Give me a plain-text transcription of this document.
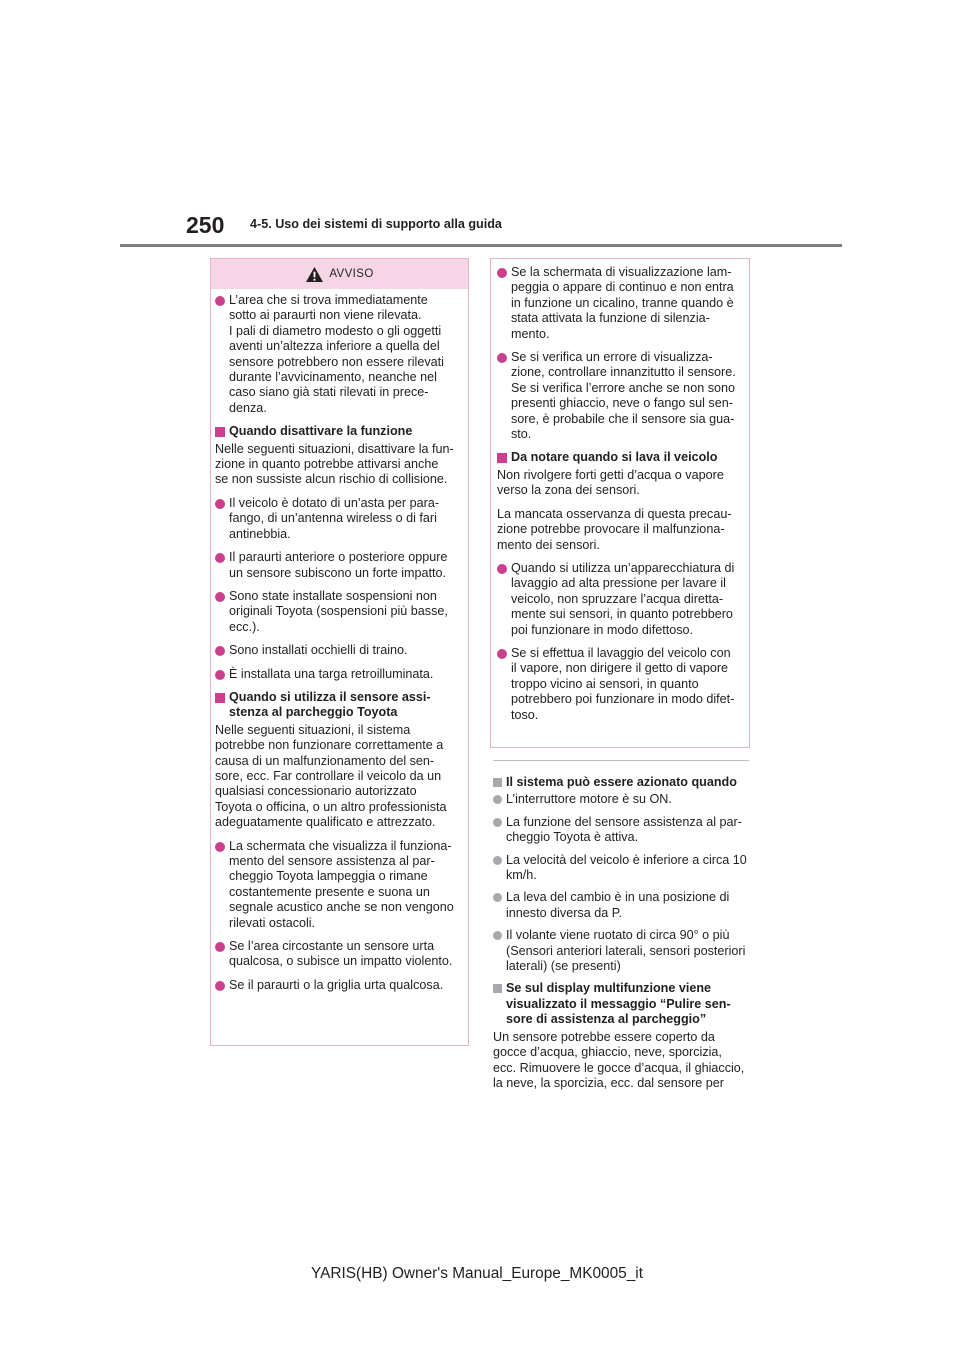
250 4-5. Uso dei sistemi di supporto alla guida
AVVISO
L’area che si trova immediatamente
sotto ai paraurti non viene rilevata.
I pali di diametro modesto o gli oggetti
aventi un’altezza inferiore a quella del
sensore potrebbero non essere rilevati
durante l’avvicinamento, neanche nel
caso siano già stati rilevati in prece-
denza.
Quando disattivare la funzione
Nelle seguenti situazioni, disattivare la fun-
zione in quanto potrebbe attivarsi anche
se non sussiste alcun rischio di collisione.
Il veicolo è dotato di un’asta per para-
fango, di un’antenna wireless o di fari
antinebbia.
Il paraurti anteriore o posteriore oppure
un sensore subiscono un forte impatto.
Sono state installate sospensioni non
originali Toyota (sospensioni più basse,
ecc.).
Sono installati occhielli di traino.
È installata una targa retroilluminata.
Quando si utilizza il sensore assi-
stenza al parcheggio Toyota
Nelle seguenti situazioni, il sistema
potrebbe non funzionare correttamente a
causa di un malfunzionamento del sen-
sore, ecc. Far controllare il veicolo da un
qualsiasi concessionario autorizzato
Toyota o officina, o un altro professionista
adeguatamente qualificato e attrezzato.
La schermata che visualizza il funziona-
mento del sensore assistenza al par-
cheggio Toyota lampeggia o rimane
costantemente presente e suona un
segnale acustico anche se non vengono
rilevati ostacoli.
Se l’area circostante un sensore urta
qualcosa, o subisce un impatto violento.
Se il paraurti o la griglia urta qualcosa.
Se la schermata di visualizzazione lam-
peggia o appare di continuo e non entra
in funzione un cicalino, tranne quando è
stata attivata la funzione di silenzia-
mento.
Se si verifica un errore di visualizza-
zione, controllare innanzitutto il sensore.
Se si verifica l’errore anche se non sono
presenti ghiaccio, neve o fango sul sen-
sore, è probabile che il sensore sia gua-
sto.
Da notare quando si lava il veicolo
Non rivolgere forti getti d’acqua o vapore
verso la zona dei sensori.
La mancata osservanza di questa precau-
zione potrebbe provocare il malfunziona-
mento dei sensori.
Quando si utilizza un’apparecchiatura di
lavaggio ad alta pressione per lavare il
veicolo, non spruzzare l’acqua diretta-
mente sui sensori, in quanto potrebbero
poi funzionare in modo difettoso.
Se si effettua il lavaggio del veicolo con
il vapore, non dirigere il getto di vapore
troppo vicino ai sensori, in quanto
potrebbero poi funzionare in modo difet-
toso.
Il sistema può essere azionato quando
L’interruttore motore è su ON.
La funzione del sensore assistenza al par-
cheggio Toyota è attiva.
La velocità del veicolo è inferiore a circa 10
km/h.
La leva del cambio è in una posizione di
innesto diversa da P.
Il volante viene ruotato di circa 90° o più
(Sensori anteriori laterali, sensori posteriori
laterali) (se presenti)
Se sul display multifunzione viene
visualizzato il messaggio “Pulire sen-
sore di assistenza al parcheggio”
Un sensore potrebbe essere coperto da
gocce d’acqua, ghiaccio, neve, sporcizia,
ecc. Rimuovere le gocce d’acqua, il ghiaccio,
la neve, la sporcizia, ecc. dal sensore per
YARIS(HB) Owner's Manual_Europe_MK0005_it
